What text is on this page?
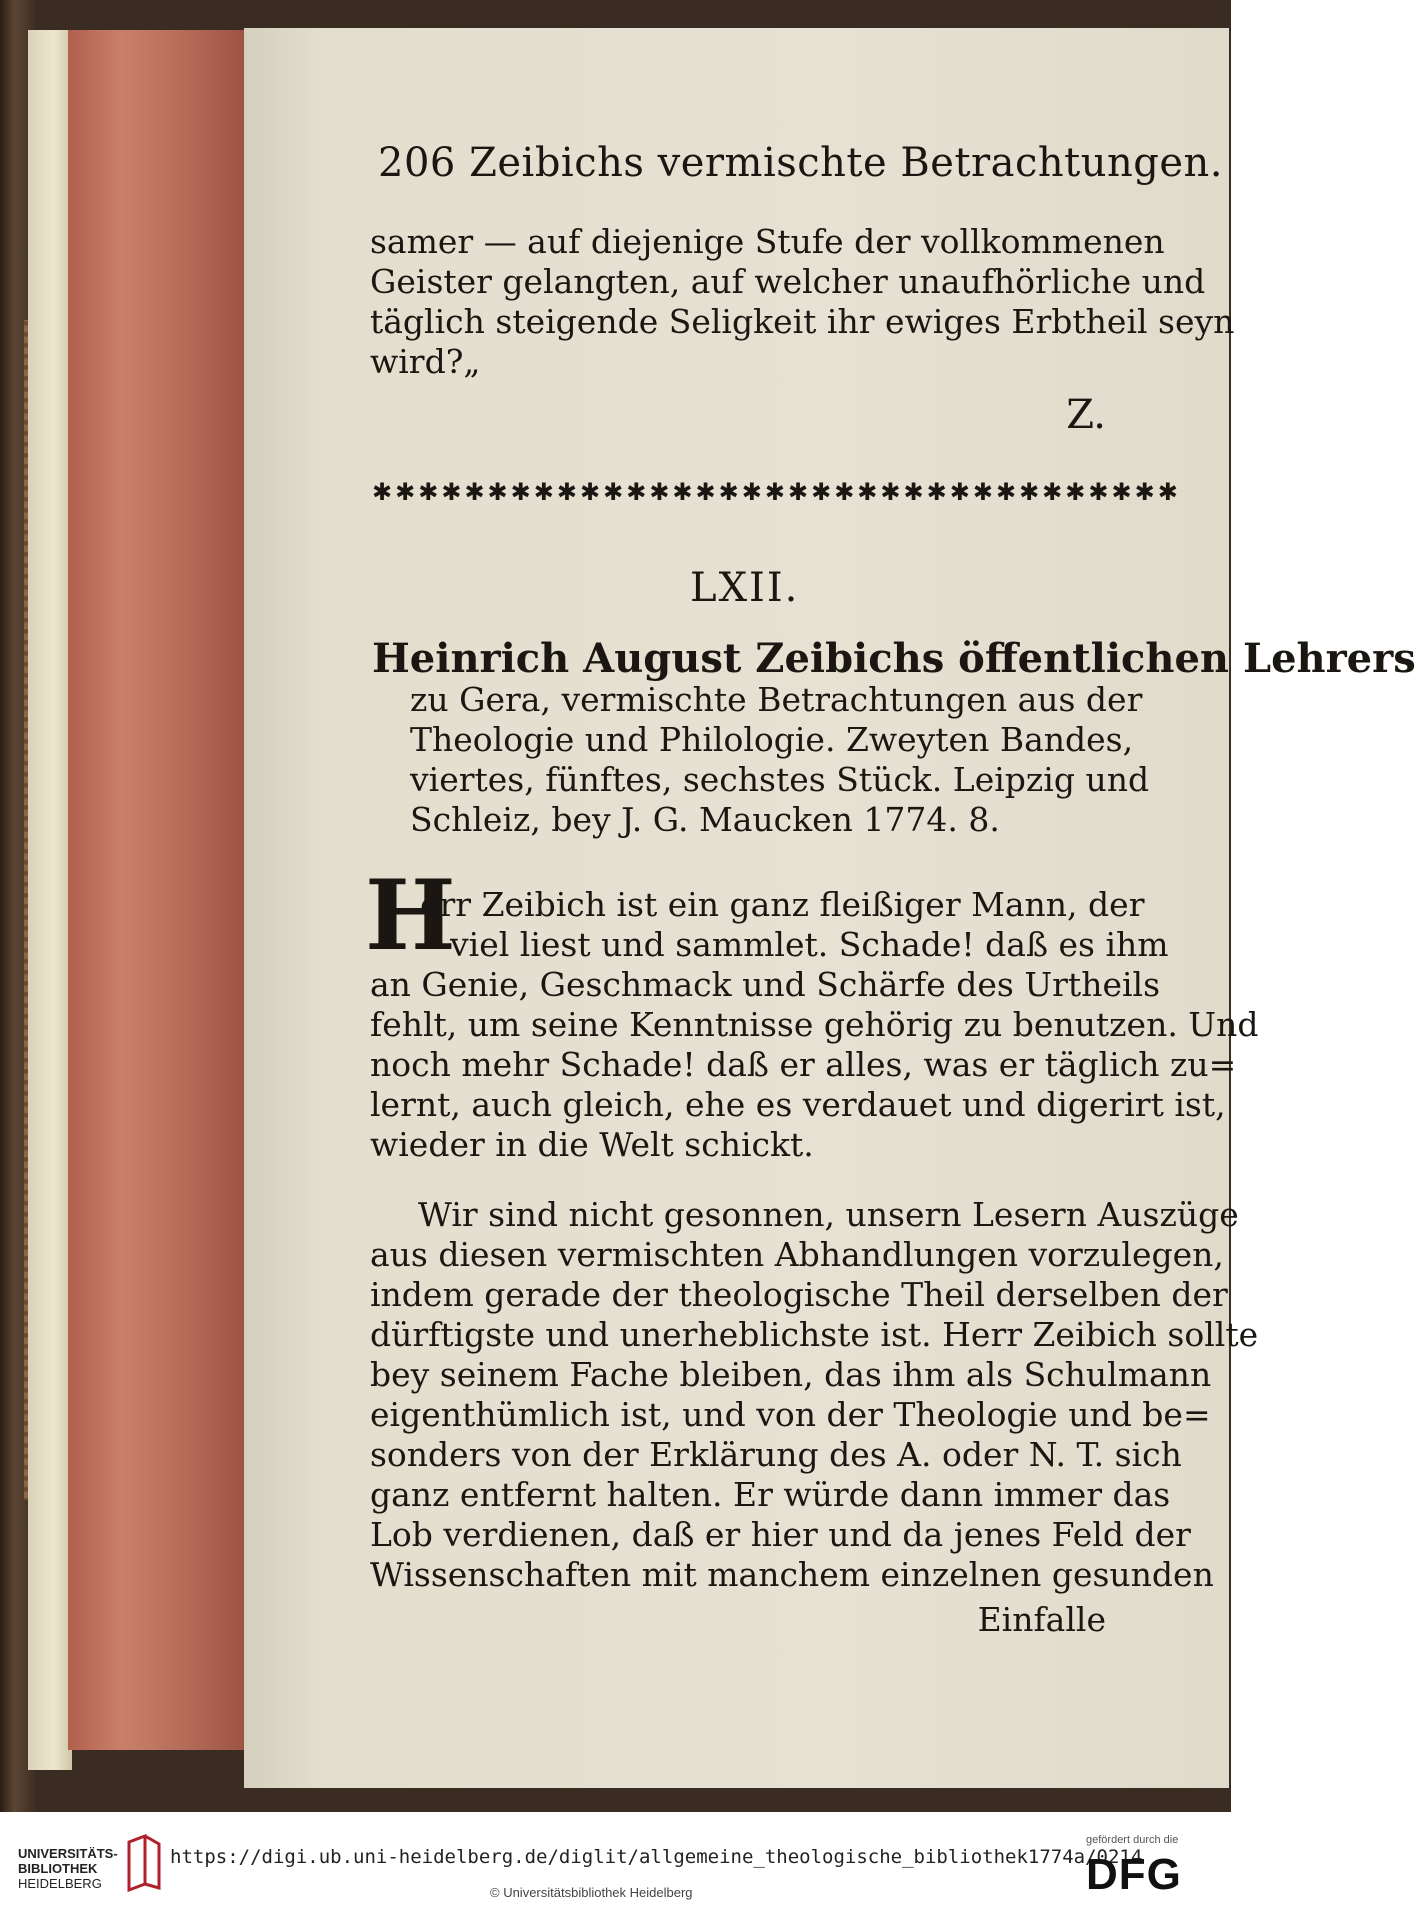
206 Zeibichs vermischte Betrachtungen.
samer — auf diejenige Stufe der vollkommenen
Geister gelangten, auf welcher unaufhörliche und
täglich steigende Seligkeit ihr ewiges Erbtheil seyn
wird?„
Z.
✱✱✱✱✱✱✱✱✱✱✱✱✱✱✱✱✱✱✱✱✱✱✱✱✱✱✱✱✱✱✱✱✱✱✱
LXII.
Heinrich August Zeibichs öffentlichen Lehrers
zu Gera, vermischte Betrachtungen aus der
Theologie und Philologie. Zweyten Bandes,
viertes, fünftes, sechstes Stück. Leipzig und
Schleiz, bey J. G. Maucken 1774. 8.
H
err Zeibich ist ein ganz fleißiger Mann, der
viel liest und sammlet. Schade! daß es ihm
an Genie, Geschmack und Schärfe des Urtheils
fehlt, um seine Kenntnisse gehörig zu benutzen. Und
noch mehr Schade! daß er alles, was er täglich zu=
lernt, auch gleich, ehe es verdauet und digerirt ist,
wieder in die Welt schickt.
Wir sind nicht gesonnen, unsern Lesern Auszüge
aus diesen vermischten Abhandlungen vorzulegen,
indem gerade der theologische Theil derselben der
dürftigste und unerheblichste ist. Herr Zeibich sollte
bey seinem Fache bleiben, das ihm als Schulmann
eigenthümlich ist, und von der Theologie und be=
sonders von der Erklärung des A. oder N. T. sich
ganz entfernt halten. Er würde dann immer das
Lob verdienen, daß er hier und da jenes Feld der
Wissenschaften mit manchem einzelnen gesunden
Einfalle
UNIVERSITÄTS-
BIBLIOTHEK
HEIDELBERG
https://digi.ub.uni-heidelberg.de/diglit/allgemeine_theologische_bibliothek1774a/0214
© Universitätsbibliothek Heidelberg
gefördert durch die
DFG
